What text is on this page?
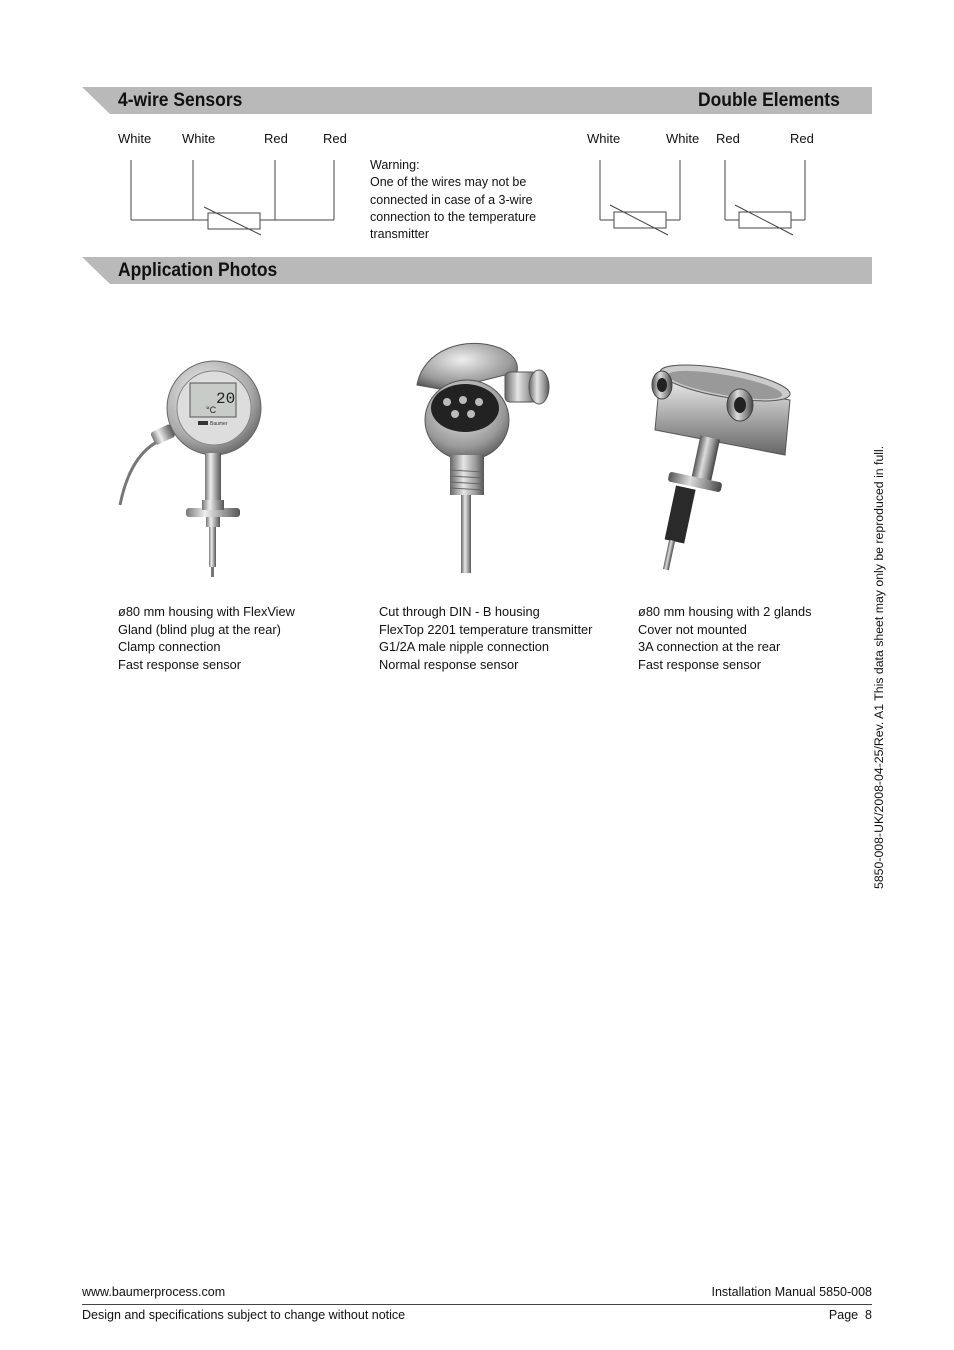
4-wire Sensors	Double Elements
White White	Red	Red	White	White Red	Red
Warning:
One of the wires may not be
connected in case of a 3-wire
connection to the temperature
transmitter
Application Photos
20
°C
Baumer
ø80 mm housing with FlexView
Gland (blind plug at the rear)
Clamp connection
Fast response sensor
Cut through DIN - B housing
FlexTop 2201 temperature transmitter
G1/2A male nipple connection
Normal response sensor
ø80 mm housing with 2 glands
Cover not mounted
3A connection at the rear
Fast response sensor	5850-008-UK/2008-04-25/Rev. A1 This data sheet may only be reproduced in full.
www.baumerprocess.com	Installation Manual 5850-008
Design and specifications subject to change without notice	Page  8
